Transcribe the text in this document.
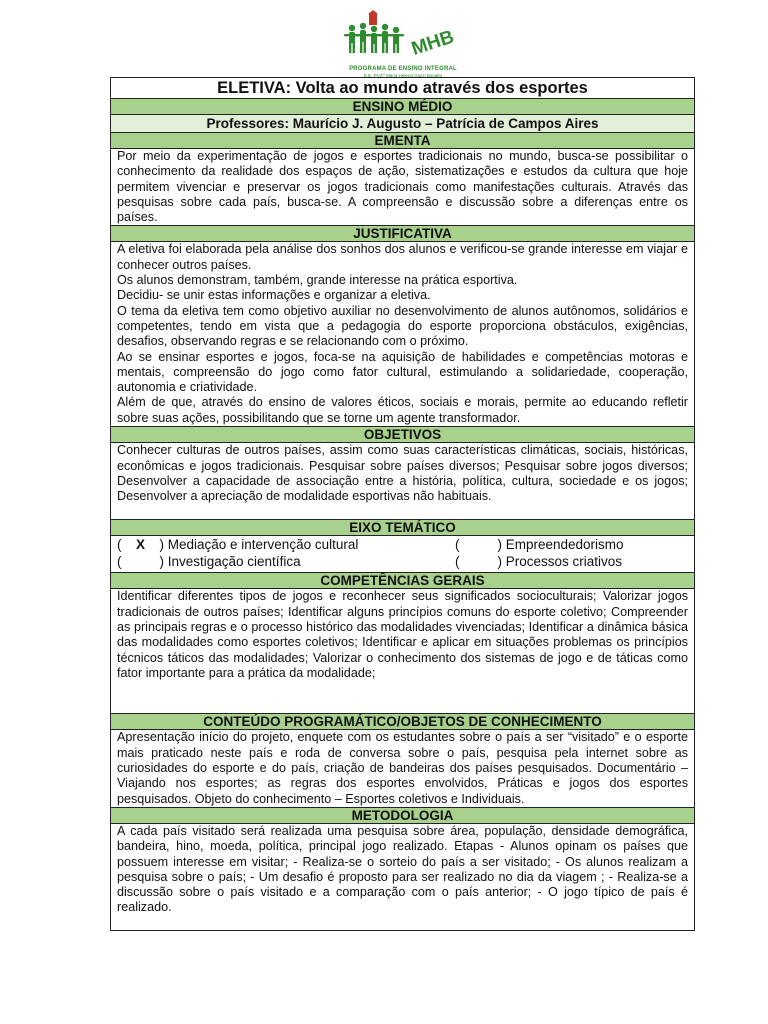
MHB
PROGRAMA DE ENSINO INTEGRAL
E.E. Prof.ª Maria Helena Gazzi Bonalto
ELETIVA: Volta ao mundo através dos esportes
ENSINO MÉDIO
Professores: Maurício J. Augusto – Patrícia de Campos Aires
EMENTA

Por meio da experimentação de jogos e esportes tradicionais no mundo, busca-se possibilitar o conhecimento da realidade dos espaços de ação, sistematizações e estudos da cultura que hoje permitem vivenciar e preservar os jogos tradicionais como manifestações culturais. Através das pesquisas sobre cada país, busca-se. A compreensão e discussão sobre a diferenças entre os países.

JUSTIFICATIVA

A eletiva foi elaborada pela análise dos sonhos dos alunos e verificou-se grande interesse em viajar e conhecer outros países.

Os alunos demonstram, também, grande interesse na prática esportiva.

Decidiu- se unir estas informações e organizar a eletiva.

O tema da eletiva tem como objetivo auxiliar no desenvolvimento de alunos autônomos, solidários e competentes, tendo em vista que a pedagogia do esporte proporciona obstáculos, exigências, desafios, observando regras e se relacionando com o próximo.

Ao se ensinar esportes e jogos, foca-se na aquisição de habilidades e competências motoras e mentais, compreensão do jogo como fator cultural, estimulando a solidariedade, cooperação, autonomia e criatividade.

Além de que, através do ensino de valores éticos, sociais e morais, permite ao educando refletir sobre suas ações, possibilitando que se torne um agente transformador.

OBJETIVOS

Conhecer culturas de outros países, assim como suas características climáticas, sociais, históricas, econômicas e jogos tradicionais. Pesquisar sobre países diversos; Pesquisar sobre jogos diversos; Desenvolver a capacidade de associação entre a história, política, cultura, sociedade e os jogos; Desenvolver a apreciação de modalidade esportivas não habituais.

EIXO TEMÁTICO

( X ) Mediação e intervenção cultural	(	) Empreendedorismo
(	) Investigação científica	(	) Processos criativos

COMPETÊNCIAS GERAIS

Identificar diferentes tipos de jogos e reconhecer seus significados socioculturais; Valorizar jogos tradicionais de outros países; Identificar alguns princípios comuns do esporte coletivo; Compreender as principais regras e o processo histórico das modalidades vivenciadas; Identificar a dinâmica básica das modalidades como esportes coletivos; Identificar e aplicar em situações problemas os princípios técnicos táticos das modalidades; Valorizar o conhecimento dos sistemas de jogo e de táticas como fator importante para a prática da modalidade;

CONTEÚDO PROGRAMÁTICO/OBJETOS DE CONHECIMENTO

Apresentação início do projeto, enquete com os estudantes sobre o país a ser “visitado” e o esporte mais praticado neste país e roda de conversa sobre o país, pesquisa pela internet sobre as curiosidades do esporte e do país, criação de bandeiras dos países pesquisados. Documentário – Viajando nos esportes; as regras dos esportes envolvidos, Práticas e jogos dos esportes pesquisados. Objeto do conhecimento – Esportes coletivos e Individuais.

METODOLOGIA

A cada país visitado será realizada uma pesquisa sobre área, população, densidade demográfica, bandeira, hino, moeda, política, principal jogo realizado. Etapas - Alunos opinam os países que possuem interesse em visitar; - Realiza-se o sorteio do país a ser visitado; - Os alunos realizam a pesquisa sobre o país; - Um desafio é proposto para ser realizado no dia da viagem ; - Realiza-se a discussão sobre o país visitado e a comparação com o país anterior; - O jogo típico de país é realizado.
